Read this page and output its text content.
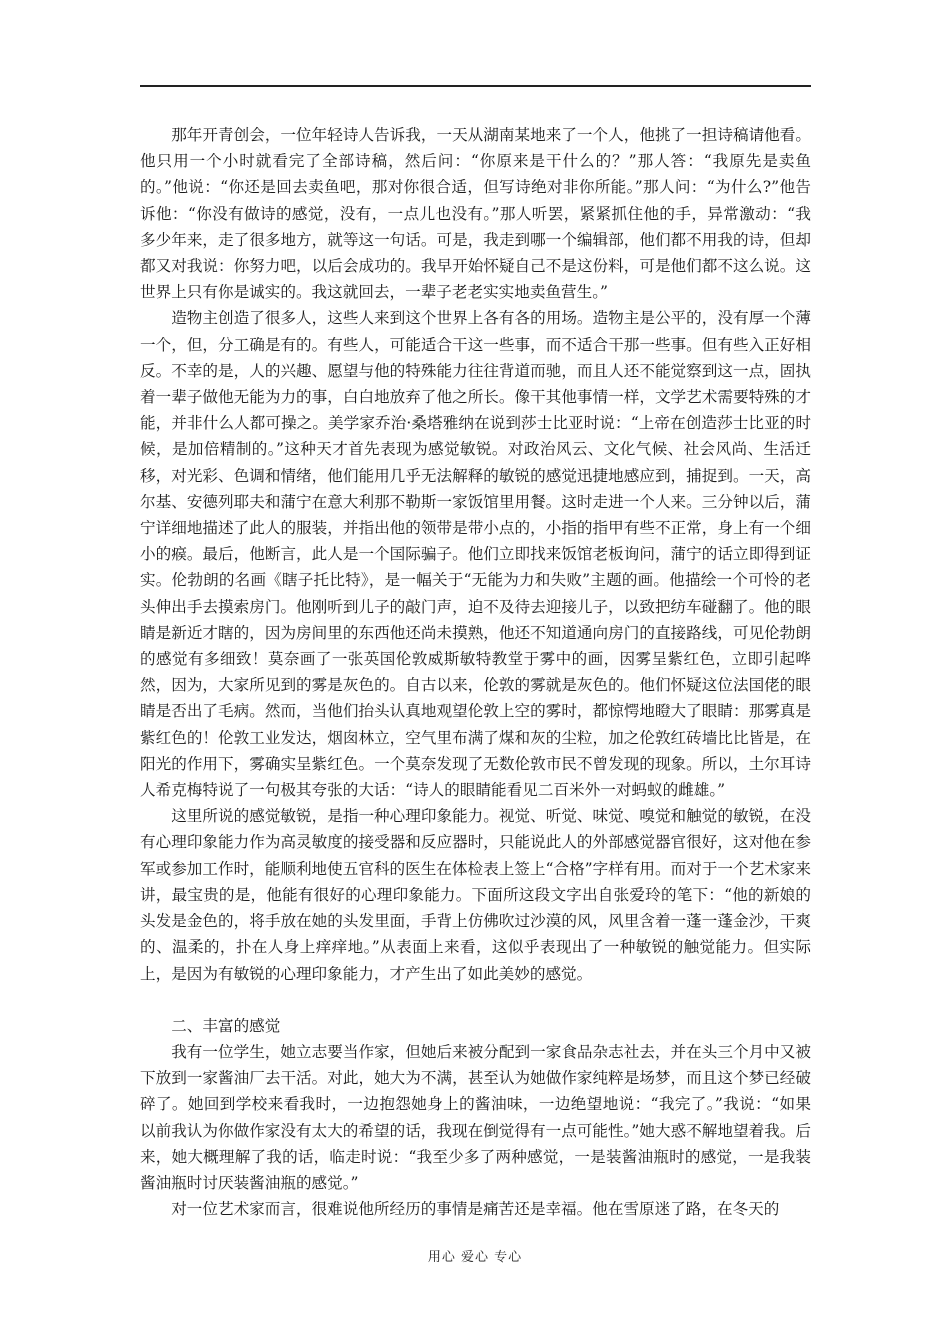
那年开青创会，一位年轻诗人告诉我，一天从湖南某地来了一个人，他挑了一担诗稿请他看。他只用一个小时就看完了全部诗稿，然后问：“你原来是干什么的？”那人答：“我原先是卖鱼的。”他说：“你还是回去卖鱼吧，那对你很合适，但写诗绝对非你所能。”那人问：“为什么?”他告诉他：“你没有做诗的感觉，没有，一点儿也没有。”那人听罢，紧紧抓住他的手，异常激动：“我多少年来，走了很多地方，就等这一句话。可是，我走到哪一个编辑部，他们都不用我的诗，但却都又对我说：你努力吧，以后会成功的。我早开始怀疑自己不是这份料，可是他们都不这么说。这世界上只有你是诚实的。我这就回去，一辈子老老实实地卖鱼营生。”

造物主创造了很多人，这些人来到这个世界上各有各的用场。造物主是公平的，没有厚一个薄一个，但，分工确是有的。有些人，可能适合干这一些事，而不适合干那一些事。但有些入正好相反。不幸的是，人的兴趣、愿望与他的特殊能力往往背道而驰，而且人还不能觉察到这一点，固执着一辈子做他无能为力的事，白白地放弃了他之所长。像干其他事情一样，文学艺术需要特殊的才能，并非什么人都可操之。美学家乔治·桑塔雅纳在说到莎士比亚时说：“上帝在创造莎士比亚的时候，是加倍精制的。”这种天才首先表现为感觉敏锐。对政治风云、文化气候、社会风尚、生活迁移，对光彩、色调和情绪，他们能用几乎无法解释的敏锐的感觉迅捷地感应到，捕捉到。一天，高尔基、安德列耶夫和蒲宁在意大利那不勒斯一家饭馆里用餐。这时走进一个人来。三分钟以后，蒲宁详细地描述了此人的服装，并指出他的领带是带小点的，小指的指甲有些不正常，身上有一个细小的瘊。最后，他断言，此人是一个国际骗子。他们立即找来饭馆老板询问，蒲宁的话立即得到证实。伦勃朗的名画《瞎子托比特》，是一幅关于“无能为力和失败”主题的画。他描绘一个可怜的老头伸出手去摸索房门。他刚听到儿子的敲门声，迫不及待去迎接儿子，以致把纺车碰翻了。他的眼睛是新近才瞎的，因为房间里的东西他还尚未摸熟，他还不知道通向房门的直接路线，可见伦勃朗的感觉有多细致！莫奈画了一张英国伦敦威斯敏特教堂于雾中的画，因雾呈紫红色，立即引起哗然，因为，大家所见到的雾是灰色的。自古以来，伦敦的雾就是灰色的。他们怀疑这位法国佬的眼睛是否出了毛病。然而，当他们抬头认真地观望伦敦上空的雾时，都惊愕地瞪大了眼睛：那雾真是紫红色的！伦敦工业发达，烟囱林立，空气里布满了煤和灰的尘粒，加之伦敦红砖墙比比皆是，在阳光的作用下，雾确实呈紫红色。一个莫奈发现了无数伦敦市民不曾发现的现象。所以，土尔耳诗人希克梅特说了一句极其夸张的大话：“诗人的眼睛能看见二百米外一对蚂蚁的雌雄。”

这里所说的感觉敏锐，是指一种心理印象能力。视觉、听觉、味觉、嗅觉和触觉的敏锐，在没有心理印象能力作为高灵敏度的接受器和反应器时，只能说此人的外部感觉器官很好，这对他在参军或参加工作时，能顺利地使五官科的医生在体检表上签上“合格”字样有用。而对于一个艺术家来讲，最宝贵的是，他能有很好的心理印象能力。下面所这段文字出自张爱玲的笔下：“他的新娘的头发是金色的，将手放在她的头发里面，手背上仿佛吹过沙漠的风，风里含着一蓬一蓬金沙，干爽的、温柔的，扑在人身上痒痒地。”从表面上来看，这似乎表现出了一种敏锐的触觉能力。但实际上，是因为有敏锐的心理印象能力，才产生出了如此美妙的感觉。

二、丰富的感觉

我有一位学生，她立志要当作家，但她后来被分配到一家食品杂志社去，并在头三个月中又被下放到一家酱油厂去干活。对此，她大为不满，甚至认为她做作家纯粹是场梦，而且这个梦已经破碎了。她回到学校来看我时，一边抱怨她身上的酱油味，一边绝望地说：“我完了。”我说：“如果以前我认为你做作家没有太大的希望的话，我现在倒觉得有一点可能性。”她大惑不解地望着我。后来，她大概理解了我的话，临走时说：“我至少多了两种感觉，一是装酱油瓶时的感觉，一是我装酱油瓶时讨厌装酱油瓶的感觉。”

对一位艺术家而言，很难说他所经历的事情是痛苦还是幸福。他在雪原迷了路，在冬天的

用心 爱心 专心
